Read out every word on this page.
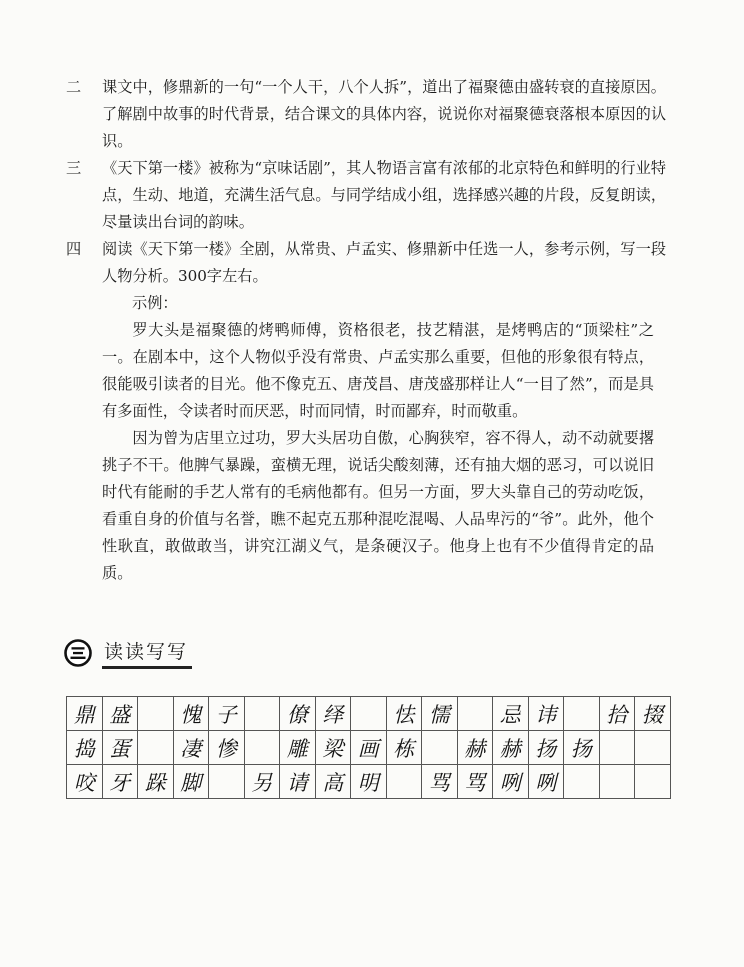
二 课文中，修鼎新的一句“一个人干，八个人拆”，道出了福聚德由盛转衰的直接原因。了解剧中故事的时代背景，结合课文的具体内容，说说你对福聚德衰落根本原因的认识。
三 《天下第一楼》被称为“京味话剧”，其人物语言富有浓郁的北京特色和鲜明的行业特点，生动、地道，充满生活气息。与同学结成小组，选择感兴趣的片段，反复朗读，尽量读出台词的韵味。
四 阅读《天下第一楼》全剧，从常贵、卢孟实、修鼎新中任选一人，参考示例，写一段人物分析。300字左右。
示例：
罗大头是福聚德的烤鸭师傅，资格很老，技艺精湛，是烤鸭店的“顶梁柱”之一。在剧本中，这个人物似乎没有常贵、卢孟实那么重要，但他的形象很有特点，很能吸引读者的目光。他不像克五、唐茂昌、唐茂盛那样让人“一目了然”，而是具有多面性，令读者时而厌恶，时而同情，时而鄙弃，时而敬重。
因为曾为店里立过功，罗大头居功自傲，心胸狭窄，容不得人，动不动就要撂挑子不干。他脾气暴躁，蛮横无理，说话尖酸刻薄，还有抽大烟的恶习，可以说旧时代有能耐的手艺人常有的毛病他都有。但另一方面，罗大头靠自己的劳动吃饭，看重自身的价值与名誉，瞧不起克五那种混吃混喝、人品卑污的“爷”。此外，他个性耿直，敢做敢当，讲究江湖义气，是条硬汉子。他身上也有不少值得肯定的品质。
读读写写
鼎	盛		愧	子		僚	绎		怯	懦		忌	讳		拾	掇
捣	蛋		凄	惨		雕	梁	画	栋		赫	赫	扬	扬		
咬	牙	跺	脚		另	请	高	明		骂	骂	咧	咧			
